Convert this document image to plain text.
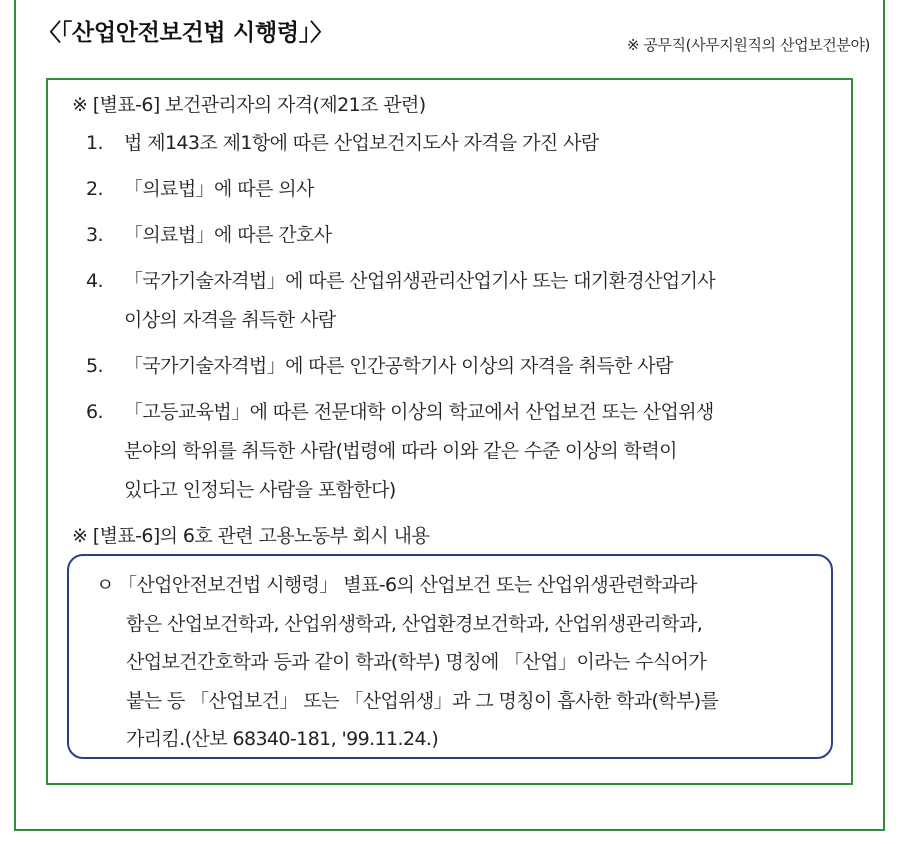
〈「산업안전보건법 시행령」〉	※ 공무직(사무지원직의 산업보건분야)
※ [별표-6] 보건관리자의 자격(제21조 관련)
1. 법 제143조 제1항에 따른 산업보건지도사 자격을 가진 사람
2. 「의료법」에 따른 의사
3. 「의료법」에 따른 간호사
4. 「국가기술자격법」에 따른 산업위생관리산업기사 또는 대기환경산업기사
이상의 자격을 취득한 사람
5. 「국가기술자격법」에 따른 인간공학기사 이상의 자격을 취득한 사람
6. 「고등교육법」에 따른 전문대학 이상의 학교에서 산업보건 또는 산업위생
분야의 학위를 취득한 사람(법령에 따라 이와 같은 수준 이상의 학력이
있다고 인정되는 사람을 포함한다)
※ [별표-6]의 6호 관련 고용노동부 회시 내용
ㅇ 「산업안전보건법 시행령」 별표-6의 산업보건 또는 산업위생관련학과라
함은 산업보건학과, 산업위생학과, 산업환경보건학과, 산업위생관리학과,
산업보건간호학과 등과 같이 학과(학부) 명칭에 「산업」이라는 수식어가
붙는 등 「산업보건」 또는 「산업위생」과 그 명칭이 흡사한 학과(학부)를
가리킴.(산보 68340-181, '99.11.24.)
